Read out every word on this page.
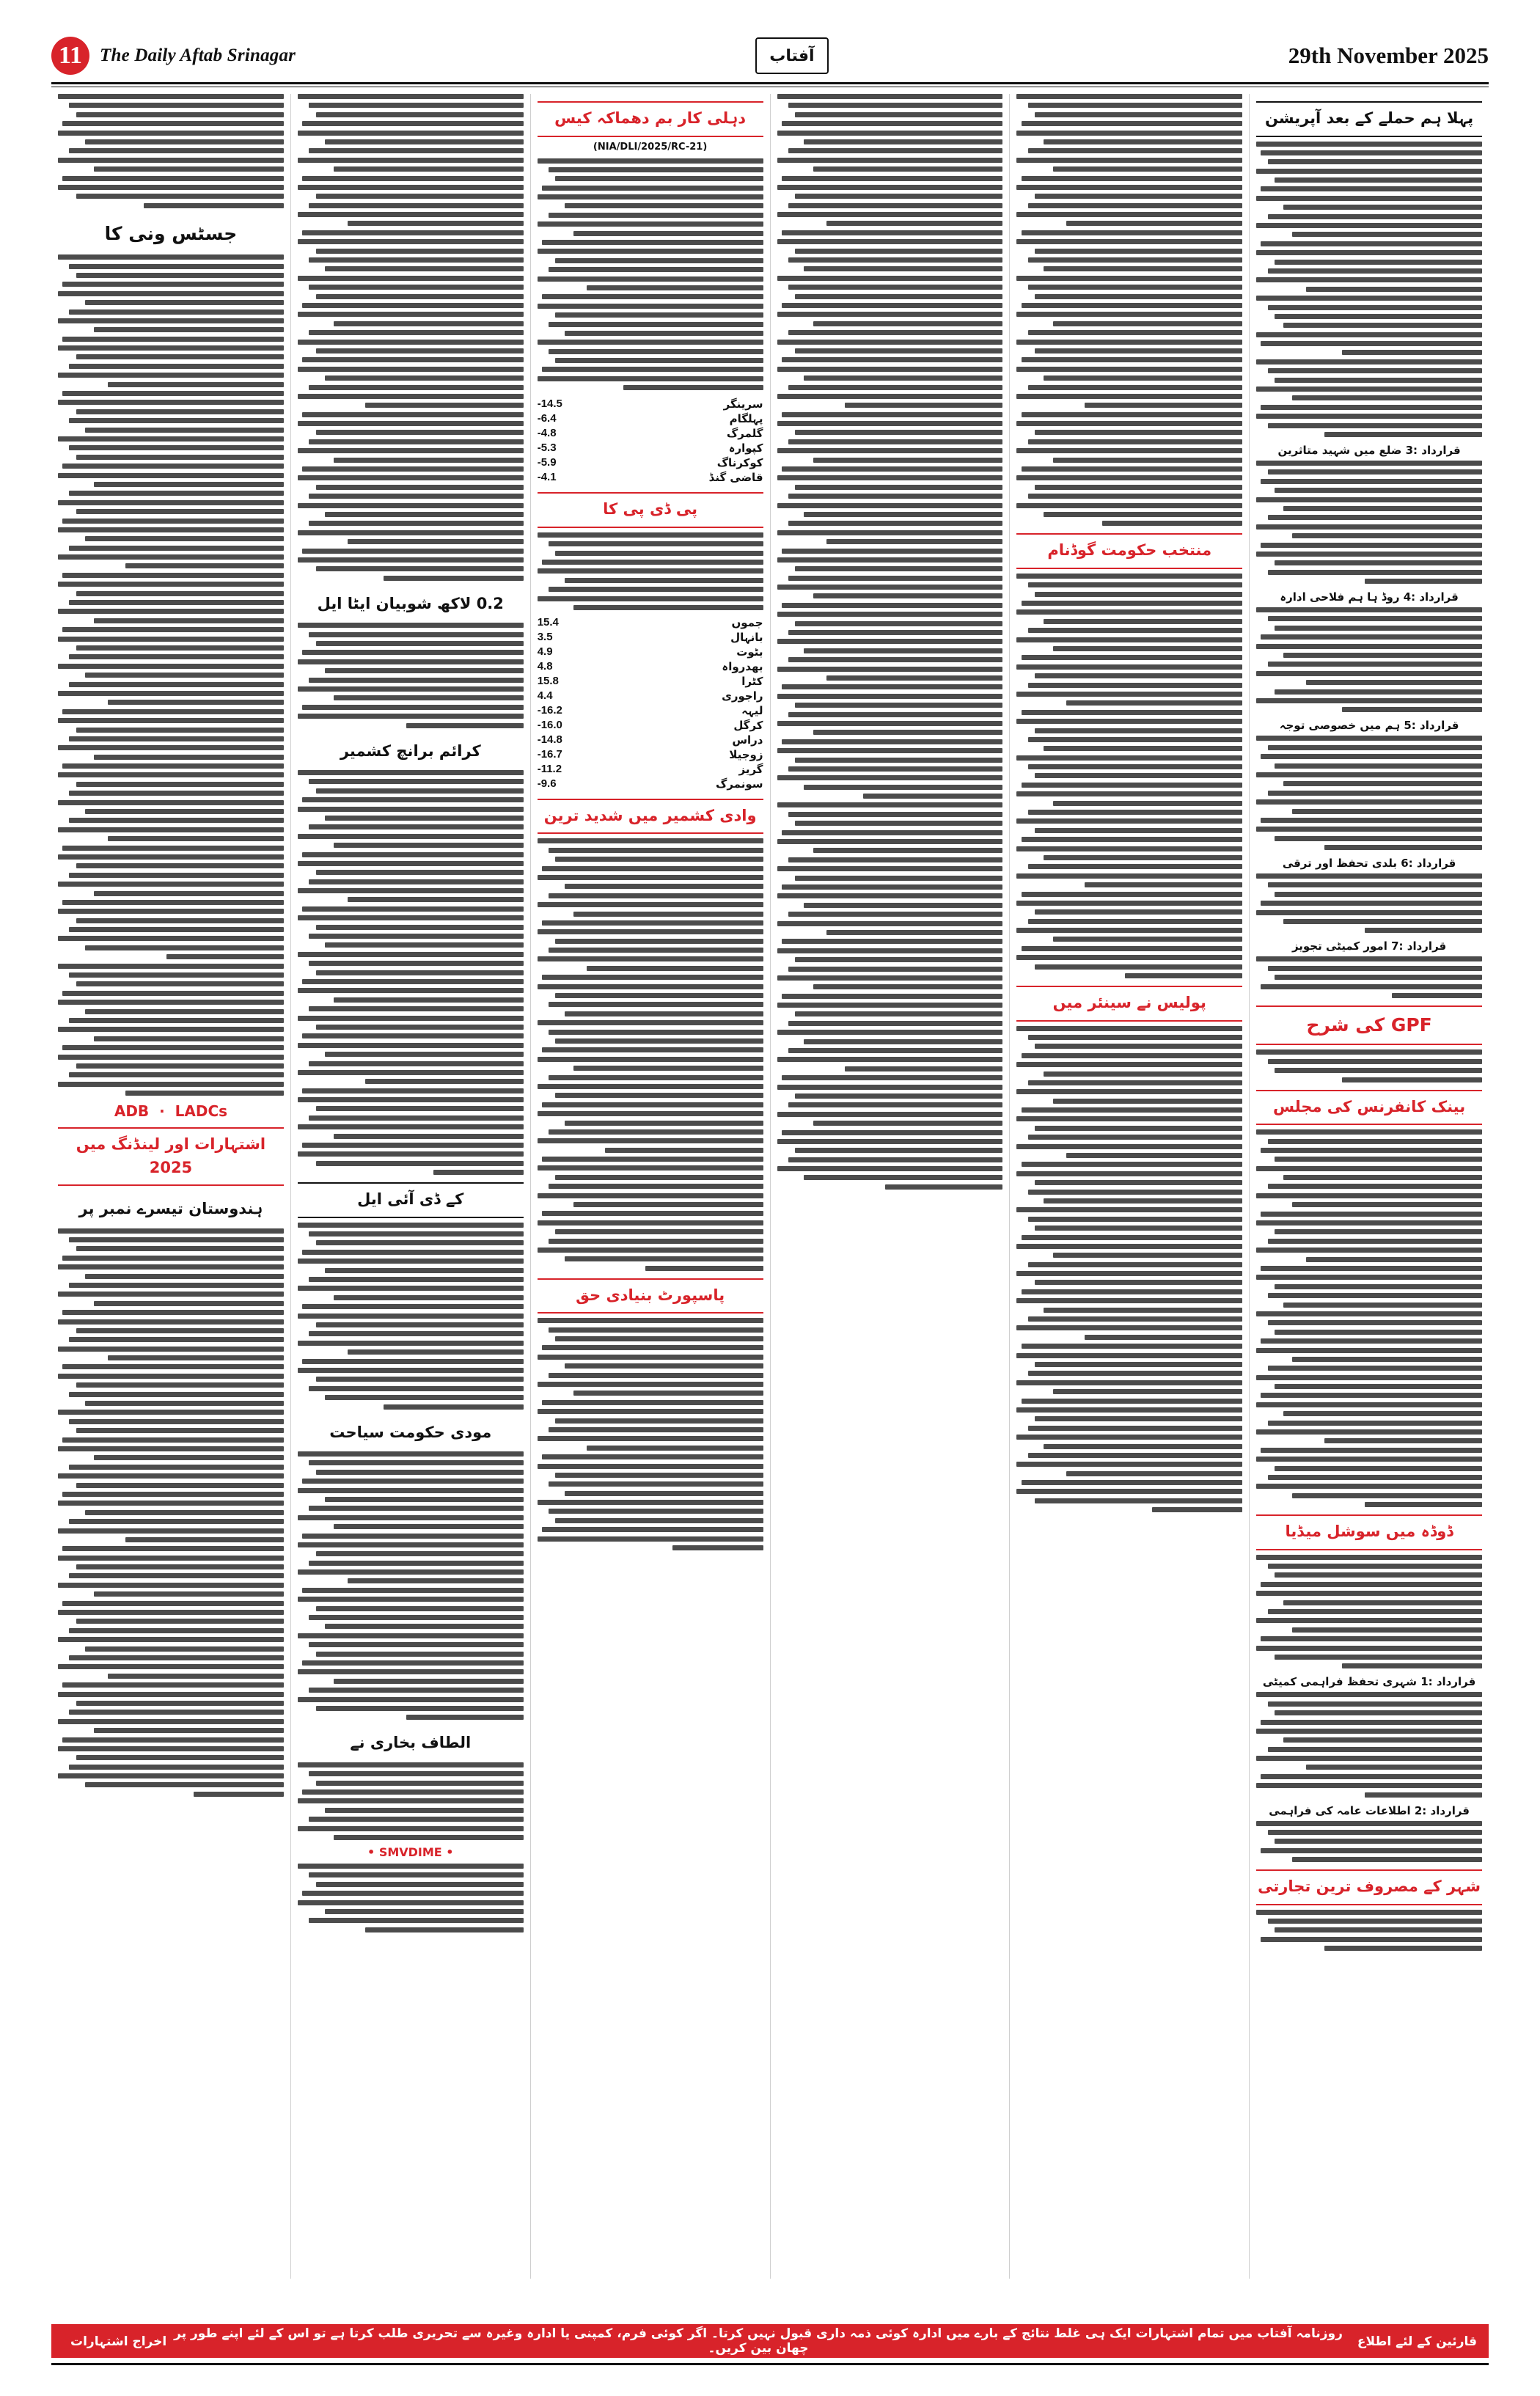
11 The Daily Aftab Srinagar	آفتاب	29th November 2025
پہلا ہم حملے کے بعد آپریشن
قرارداد :3 ضلع میں شہید متاثرین
قرارداد :4 روڈ ہا ہم فلاحی ادارہ
قرارداد :5 ہم میں خصوصی توجہ
قرارداد :6 بلدی تحفظ اور ترقی
قرارداد :7 امور کمیٹی تجویز
GPF کی شرح
بینک کانفرنس کی مجلس
ڈوڈہ میں سوشل میڈیا
قرارداد :1 شہری تحفظ فراہمی کمیٹی
قرارداد :2 اطلاعات عامہ کی فراہمی
شہر کے مصروف ترین تجارتی
منتخب حکومت گوڈنام
پولیس نے سینئر میں
دہلی کار بم دھماکہ کیس
(NIA/DLI/2025/RC-21)
سرینگر
14.5-
پہلگام
6.4-
گلمرگ
4.8-
کپوارہ
5.3-
کوکرناگ
5.9-
قاضی گنڈ
4.1-
پی ڈی پی کا
جموں
15.4
بانہال
3.5
بٹوت
4.9
بھدرواہ
4.8
کٹرا
15.8
راجوری
4.4
لیہہ
16.2-
کرگل
16.0-
دراس
14.8-
زوجیلا
16.7-
گریز
11.2-
سونمرگ
9.6-
وادی کشمیر میں شدید ترین
پاسپورٹ بنیادی حق
0.2 لاکھ شوبیان ایٹا ایل
کرائم برانچ کشمیر
کے ڈی آئی ایل
مودی حکومت سیاحت
الطاف بخاری نے
• SMVDIME •
جسٹس ونی کا
ADB  ·  LADCs
اشتہارات اور لینڈنگ میں 2025
ہندوستان تیسرے نمبر پر
قارئین کے لئے اطلاع
روزنامہ آفتاب میں تمام اشتہارات ایک ہی غلط نتائج کے بارے میں ادارہ کوئی ذمہ داری قبول نہیں کرتا۔ اگر کوئی فرم، کمپنی یا ادارہ وغیرہ سے تحریری طلب کرتا ہے تو اس کے لئے اپنے طور پر چھان بین کریں۔
اخراج اشتہارات
